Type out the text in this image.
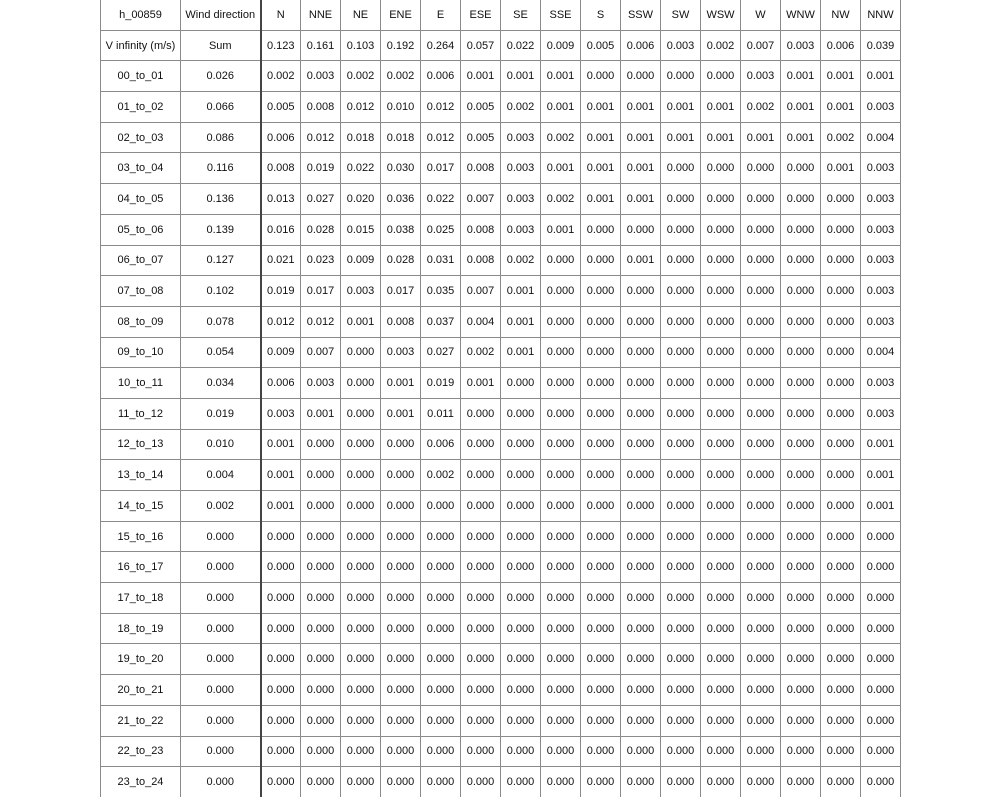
h_00859	Wind direction	N	NNE	NE	ENE	E	ESE	SE	SSE	S	SSW	SW	WSW	W	WNW	NW	NNW
V infinity (m/s)	Sum	0.123	0.161	0.103	0.192	0.264	0.057	0.022	0.009	0.005	0.006	0.003	0.002	0.007	0.003	0.006	0.039
00_to_01	0.026	0.002	0.003	0.002	0.002	0.006	0.001	0.001	0.001	0.000	0.000	0.000	0.000	0.003	0.001	0.001	0.001
01_to_02	0.066	0.005	0.008	0.012	0.010	0.012	0.005	0.002	0.001	0.001	0.001	0.001	0.001	0.002	0.001	0.001	0.003
02_to_03	0.086	0.006	0.012	0.018	0.018	0.012	0.005	0.003	0.002	0.001	0.001	0.001	0.001	0.001	0.001	0.002	0.004
03_to_04	0.116	0.008	0.019	0.022	0.030	0.017	0.008	0.003	0.001	0.001	0.001	0.000	0.000	0.000	0.000	0.001	0.003
04_to_05	0.136	0.013	0.027	0.020	0.036	0.022	0.007	0.003	0.002	0.001	0.001	0.000	0.000	0.000	0.000	0.000	0.003
05_to_06	0.139	0.016	0.028	0.015	0.038	0.025	0.008	0.003	0.001	0.000	0.000	0.000	0.000	0.000	0.000	0.000	0.003
06_to_07	0.127	0.021	0.023	0.009	0.028	0.031	0.008	0.002	0.000	0.000	0.001	0.000	0.000	0.000	0.000	0.000	0.003
07_to_08	0.102	0.019	0.017	0.003	0.017	0.035	0.007	0.001	0.000	0.000	0.000	0.000	0.000	0.000	0.000	0.000	0.003
08_to_09	0.078	0.012	0.012	0.001	0.008	0.037	0.004	0.001	0.000	0.000	0.000	0.000	0.000	0.000	0.000	0.000	0.003
09_to_10	0.054	0.009	0.007	0.000	0.003	0.027	0.002	0.001	0.000	0.000	0.000	0.000	0.000	0.000	0.000	0.000	0.004
10_to_11	0.034	0.006	0.003	0.000	0.001	0.019	0.001	0.000	0.000	0.000	0.000	0.000	0.000	0.000	0.000	0.000	0.003
11_to_12	0.019	0.003	0.001	0.000	0.001	0.011	0.000	0.000	0.000	0.000	0.000	0.000	0.000	0.000	0.000	0.000	0.003
12_to_13	0.010	0.001	0.000	0.000	0.000	0.006	0.000	0.000	0.000	0.000	0.000	0.000	0.000	0.000	0.000	0.000	0.001
13_to_14	0.004	0.001	0.000	0.000	0.000	0.002	0.000	0.000	0.000	0.000	0.000	0.000	0.000	0.000	0.000	0.000	0.001
14_to_15	0.002	0.001	0.000	0.000	0.000	0.000	0.000	0.000	0.000	0.000	0.000	0.000	0.000	0.000	0.000	0.000	0.001
15_to_16	0.000	0.000	0.000	0.000	0.000	0.000	0.000	0.000	0.000	0.000	0.000	0.000	0.000	0.000	0.000	0.000	0.000
16_to_17	0.000	0.000	0.000	0.000	0.000	0.000	0.000	0.000	0.000	0.000	0.000	0.000	0.000	0.000	0.000	0.000	0.000
17_to_18	0.000	0.000	0.000	0.000	0.000	0.000	0.000	0.000	0.000	0.000	0.000	0.000	0.000	0.000	0.000	0.000	0.000
18_to_19	0.000	0.000	0.000	0.000	0.000	0.000	0.000	0.000	0.000	0.000	0.000	0.000	0.000	0.000	0.000	0.000	0.000
19_to_20	0.000	0.000	0.000	0.000	0.000	0.000	0.000	0.000	0.000	0.000	0.000	0.000	0.000	0.000	0.000	0.000	0.000
20_to_21	0.000	0.000	0.000	0.000	0.000	0.000	0.000	0.000	0.000	0.000	0.000	0.000	0.000	0.000	0.000	0.000	0.000
21_to_22	0.000	0.000	0.000	0.000	0.000	0.000	0.000	0.000	0.000	0.000	0.000	0.000	0.000	0.000	0.000	0.000	0.000
22_to_23	0.000	0.000	0.000	0.000	0.000	0.000	0.000	0.000	0.000	0.000	0.000	0.000	0.000	0.000	0.000	0.000	0.000
23_to_24	0.000	0.000	0.000	0.000	0.000	0.000	0.000	0.000	0.000	0.000	0.000	0.000	0.000	0.000	0.000	0.000	0.000
